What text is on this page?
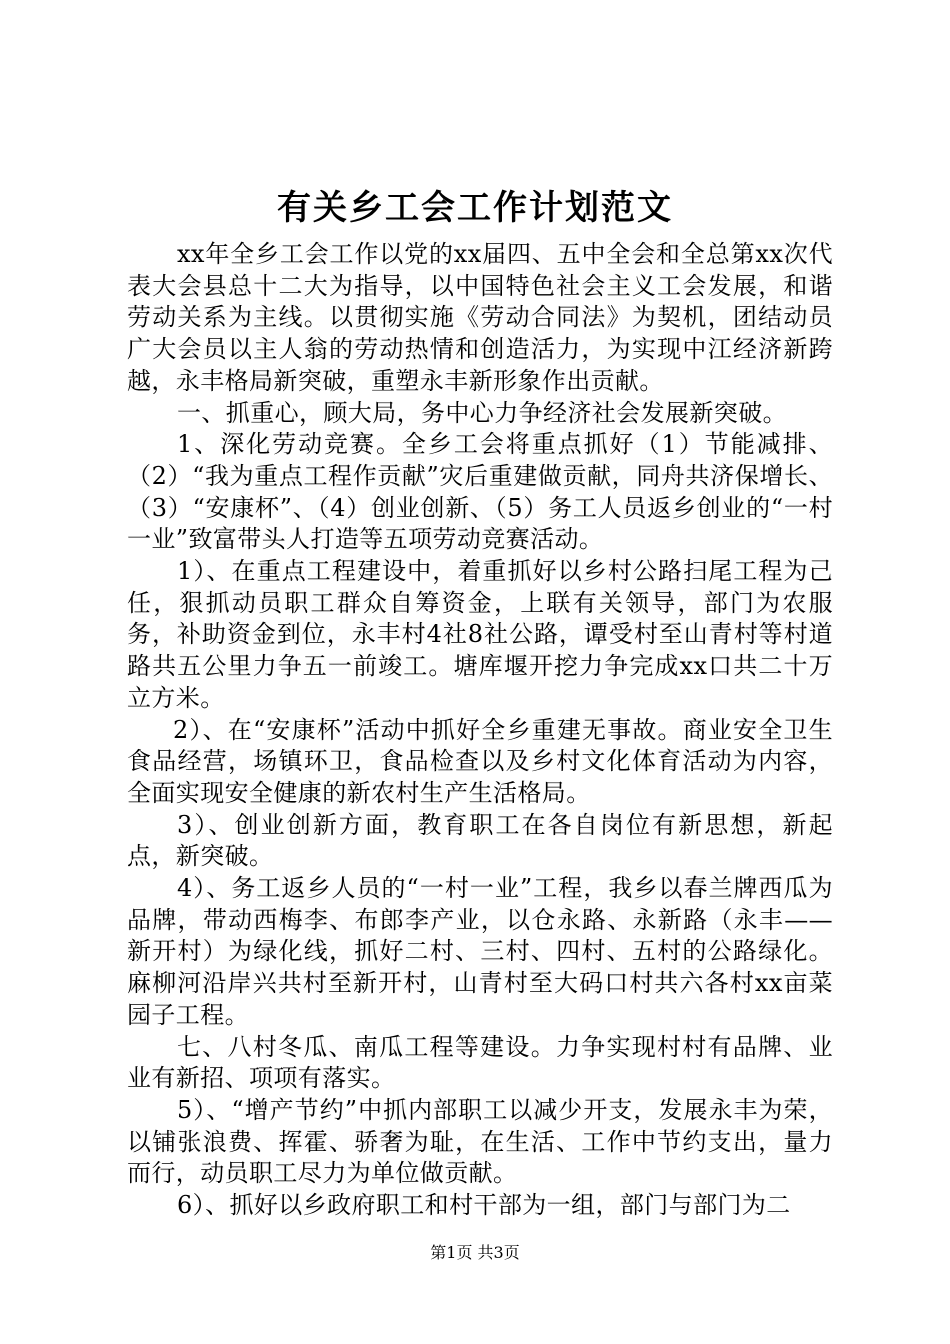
有关乡工会工作计划范文

xx年全乡工会工作以党的xx届四、五中全会和全总第xx次代表大会县总十二大为指导，以中国特色社会主义工会发展，和谐劳动关系为主线。以贯彻实施《劳动合同法》为契机，团结动员广大会员以主人翁的劳动热情和创造活力，为实现中江经济新跨越，永丰格局新突破，重塑永丰新形象作出贡献。

一、抓重心，顾大局，务中心力争经济社会发展新突破。

1、深化劳动竞赛。全乡工会将重点抓好（1）节能减排、（2）“我为重点工程作贡献”灾后重建做贡献，同舟共济保增长、（3）“安康杯”、（4）创业创新、（5）务工人员返乡创业的“一村一业”致富带头人打造等五项劳动竞赛活动。

1）、在重点工程建设中，着重抓好以乡村公路扫尾工程为己任，狠抓动员职工群众自筹资金，上联有关领导，部门为农服务，补助资金到位，永丰村4社8社公路，谭受村至山青村等村道路共五公里力争五一前竣工。塘库堰开挖力争完成xx口共二十万立方米。

2）、在“安康杯”活动中抓好全乡重建无事故。商业安全卫生食品经营，场镇环卫，食品检查以及乡村文化体育活动为内容，全面实现安全健康的新农村生产生活格局。

3）、创业创新方面，教育职工在各自岗位有新思想，新起点，新突破。

4）、务工返乡人员的“一村一业”工程，我乡以春兰牌西瓜为品牌，带动西梅李、布郎李产业，以仓永路、永新路（永丰——新开村）为绿化线，抓好二村、三村、四村、五村的公路绿化。麻柳河沿岸兴共村至新开村，山青村至大码口村共六各村xx亩菜园子工程。

七、八村冬瓜、南瓜工程等建设。力争实现村村有品牌、业业有新招、项项有落实。

5）、“增产节约”中抓内部职工以减少开支，发展永丰为荣，以铺张浪费、挥霍、骄奢为耻，在生活、工作中节约支出，量力而行，动员职工尽力为单位做贡献。

6）、抓好以乡政府职工和村干部为一组，部门与部门为二

第1页 共3页
